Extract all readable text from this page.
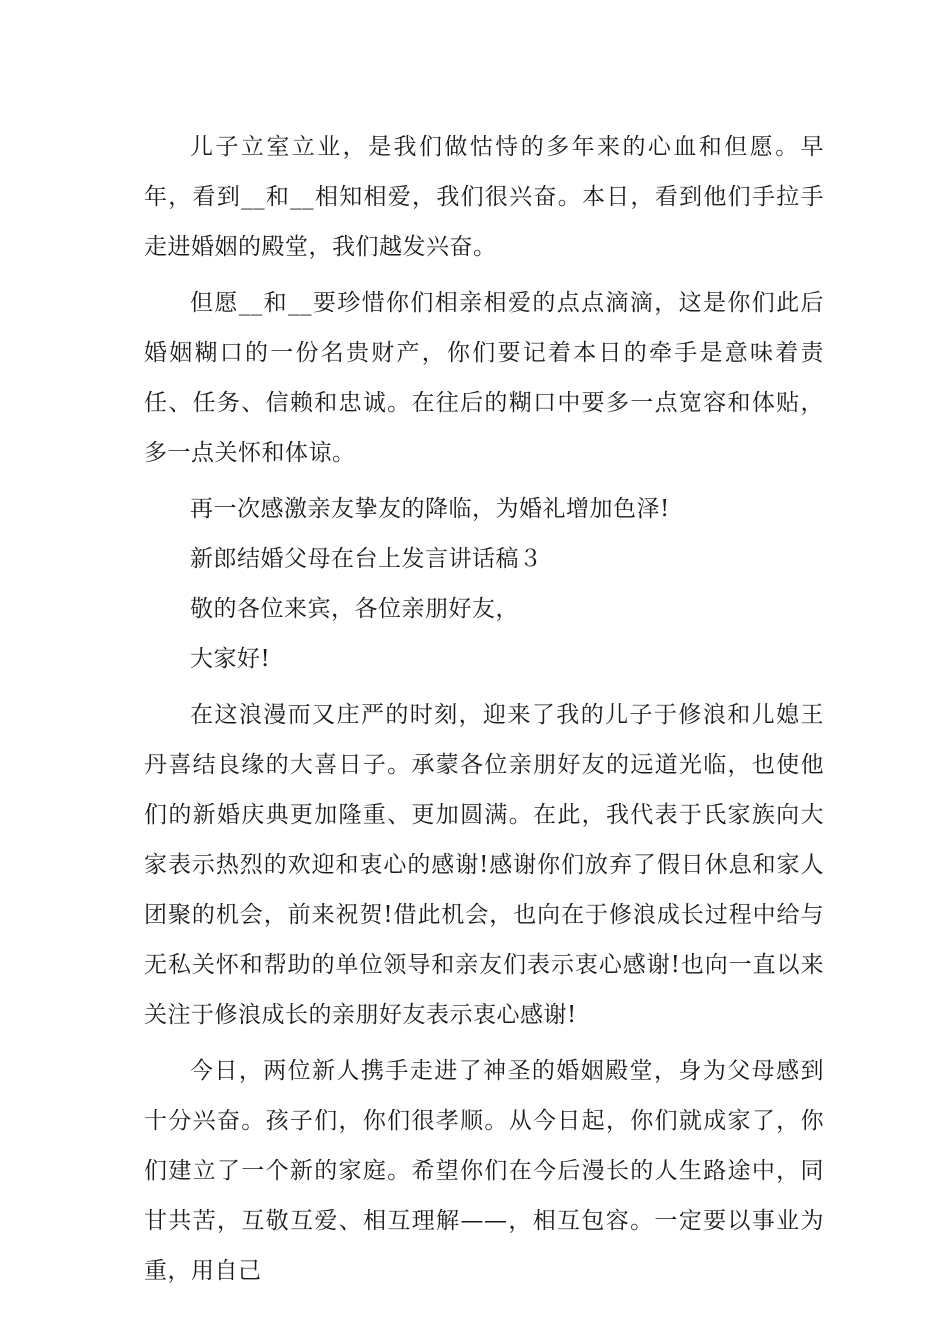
儿子立室立业，是我们做怙恃的多年来的心血和但愿。早年，看到__和__相知相爱，我们很兴奋。本日，看到他们手拉手走进婚姻的殿堂，我们越发兴奋。

但愿__和__要珍惜你们相亲相爱的点点滴滴，这是你们此后婚姻糊口的一份名贵财产，你们要记着本日的牵手是意味着责任、任务、信赖和忠诚。在往后的糊口中要多一点宽容和体贴，多一点关怀和体谅。

再一次感激亲友挚友的降临，为婚礼增加色泽!

新郎结婚父母在台上发言讲话稿３

敬的各位来宾，各位亲朋好友，

大家好!

在这浪漫而又庄严的时刻，迎来了我的儿子于修浪和儿媳王丹喜结良缘的大喜日子。承蒙各位亲朋好友的远道光临，也使他们的新婚庆典更加隆重、更加圆满。在此，我代表于氏家族向大家表示热烈的欢迎和衷心的感谢!感谢你们放弃了假日休息和家人团聚的机会，前来祝贺!借此机会，也向在于修浪成长过程中给与无私关怀和帮助的单位领导和亲友们表示衷心感谢!也向一直以来关注于修浪成长的亲朋好友表示衷心感谢!

今日，两位新人携手走进了神圣的婚姻殿堂，身为父母感到十分兴奋。孩子们，你们很孝顺。从今日起，你们就成家了，你们建立了一个新的家庭。希望你们在今后漫长的人生路途中，同甘共苦，互敬互爱、相互理解——，相互包容。一定要以事业为重，用自己
